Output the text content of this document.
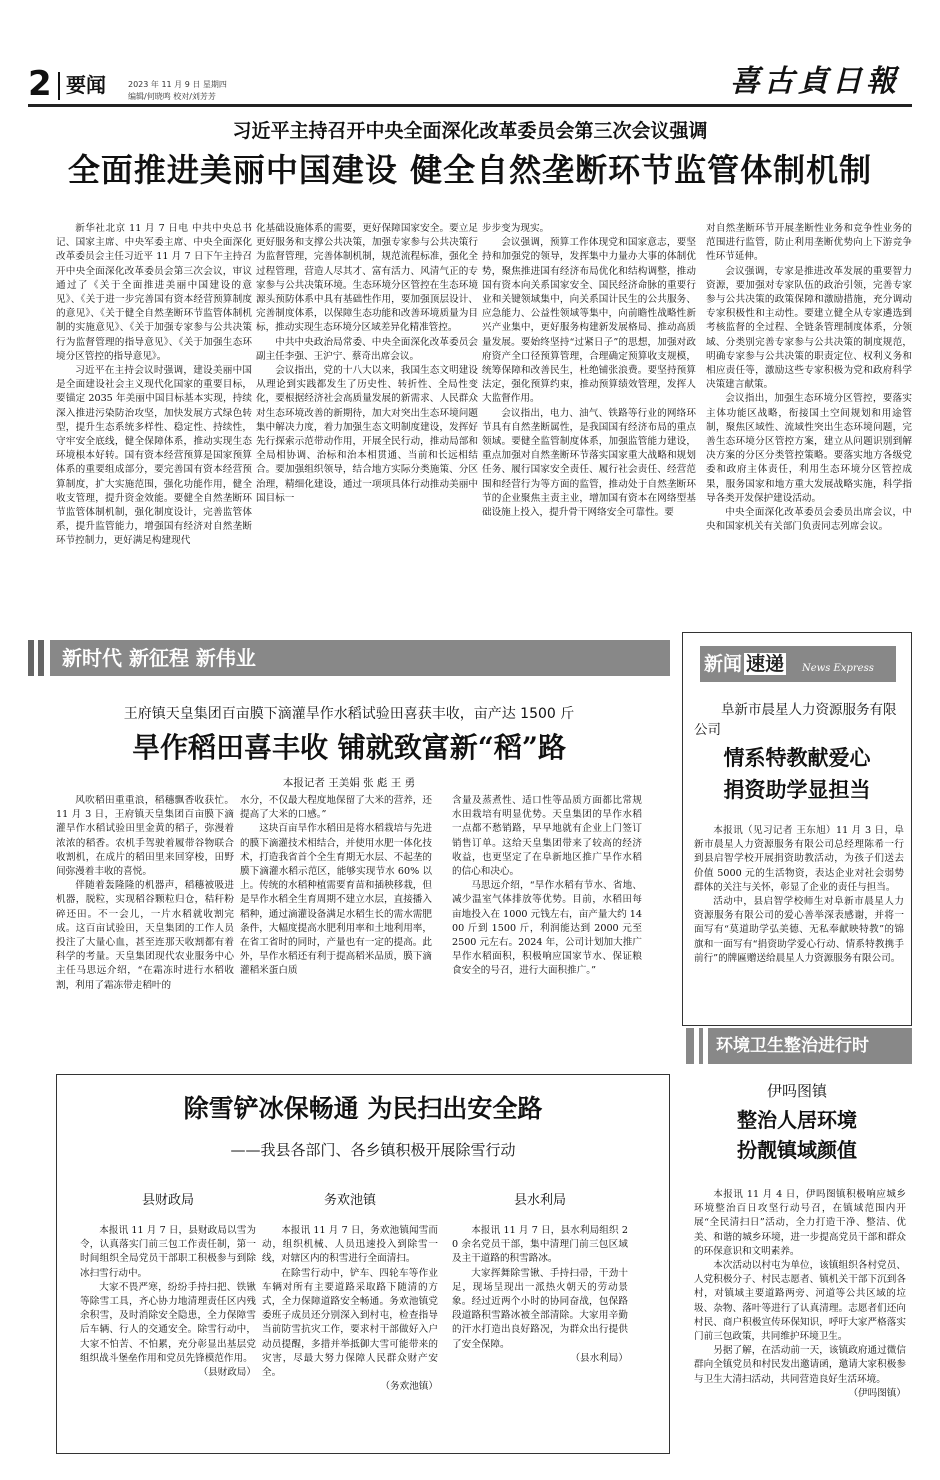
2 要闻	2023 年 11 月 9 日 星期四
编辑/何晓鸣 校对/刘芳芳	喜古貞日報
习近平主持召开中央全面深化改革委员会第三次会议强调
全面推进美丽中国建设 健全自然垄断环节监管体制机制

新华社北京 11 月 7 日电 中共中央总书记、国家主席、中央军委主席、中央全面深化改革委员会主任习近平 11 月 7 日下午主持召开中央全面深化改革委员会第三次会议，审议通过了《关于全面推进美丽中国建设的意见》、《关于进一步完善国有资本经营预算制度的意见》、《关于健全自然垄断环节监管体制机制的实施意见》、《关于加强专家参与公共决策行为监督管理的指导意见》、《关于加强生态环境分区管控的指导意见》。

习近平在主持会议时强调，建设美丽中国是全面建设社会主义现代化国家的重要目标，要锚定 2035 年美丽中国目标基本实现，持续深入推进污染防治攻坚，加快发展方式绿色转型，提升生态系统多样性、稳定性、持续性，守牢安全底线，健全保障体系，推动实现生态环境根本好转。国有资本经营预算是国家预算体系的重要组成部分，要完善国有资本经营预算制度，扩大实施范围，强化功能作用，健全收支管理，提升资金效能。要健全自然垄断环节监管体制机制，强化制度设计，完善监管体系，提升监管能力，增强国有经济对自然垄断环节控制力，更好满足构建现代

化基础设施体系的需要，更好保障国家安全。要立足更好服务和支撑公共决策，加强专家参与公共决策行为监督管理，完善体制机制，规范流程标准，强化全过程管理，营造人尽其才、富有活力、风清气正的专家参与公共决策环境。生态环境分区管控在生态环境源头预防体系中具有基础性作用，要加强顶层设计、完善制度体系，以保障生态功能和改善环境质量为目标，推动实现生态环境分区域差异化精准管控。

中共中央政治局常委、中央全面深化改革委员会副主任李强、王沪宁、蔡奇出席会议。

会议指出，党的十八大以来，我国生态文明建设从理论到实践都发生了历史性、转折性、全局性变化，要根据经济社会高质量发展的新需求、人民群众对生态环境改善的新期待，加大对突出生态环境问题集中解决力度，着力加强生态文明制度建设，发挥好先行探索示范带动作用，开展全民行动，推动局部和全局相协调、治标和治本相贯通、当前和长远相结合。要加强组织领导，结合地方实际分类施策、分区治理，精细化建设，通过一项项具体行动推动美丽中国目标一

步步变为现实。

会议强调，预算工作体现党和国家意志，要坚持和加强党的领导，发挥集中力量办大事的体制优势，聚焦推进国有经济布局优化和结构调整，推动国有资本向关系国家安全、国民经济命脉的重要行业和关键领域集中，向关系国计民生的公共服务、应急能力、公益性领域等集中，向前瞻性战略性新兴产业集中，更好服务构建新发展格局、推动高质量发展。要始终坚持“过紧日子”的思想，加强对政府资产全口径预算管理，合理确定预算收支规模，统筹保障和改善民生，杜绝铺张浪费。要坚持预算法定，强化预算约束，推动预算绩效管理，发挥人大监督作用。

会议指出，电力、油气、铁路等行业的网络环节具有自然垄断属性，是我国国有经济布局的重点领域。要健全监管制度体系，加强监管能力建设，重点加强对自然垄断环节落实国家重大战略和规划任务、履行国家安全责任、履行社会责任、经营范围和经营行为等方面的监管，推动处于自然垄断环节的企业聚焦主责主业，增加国有资本在网络型基础设施上投入，提升骨干网络安全可靠性。要

对自然垄断环节开展垄断性业务和竞争性业务的范围进行监管，防止利用垄断优势向上下游竞争性环节延伸。

会议强调，专家是推进改革发展的重要智力资源，要加强对专家队伍的政治引领，完善专家参与公共决策的政策保障和激励措施，充分调动专家积极性和主动性。要建立健全从专家遴选到考核监督的全过程、全链条管理制度体系，分领域、分类别完善专家参与公共决策的制度规范，明确专家参与公共决策的职责定位、权利义务和相应责任等，激励这些专家积极为党和政府科学决策建言献策。

会议指出，加强生态环境分区管控，要落实主体功能区战略，衔接国土空间规划和用途管制，聚焦区域性、流域性突出生态环境问题，完善生态环境分区管控方案，建立从问题识别到解决方案的分区分类管控策略。要落实地方各级党委和政府主体责任，利用生态环境分区管控成果，服务国家和地方重大发展战略实施，科学指导各类开发保护建设活动。

中央全面深化改革委员会委员出席会议，中央和国家机关有关部门负责同志列席会议。

新时代 新征程 新伟业
王府镇天皇集团百亩膜下滴灌旱作水稻试验田喜获丰收，亩产达 1500 斤
旱作稻田喜丰收 铺就致富新“稻”路
本报记者 王美娟 张 彪 王 勇

风吹稻田重重浪，稻穗飘香收获忙。11 月 3 日，王府镇天皇集团百亩膜下滴灌旱作水稻试验田里金黄的稻子，弥漫着浓浓的稻香。农机手驾驶着履带谷物联合收割机，在成片的稻田里来回穿梭，田野间弥漫着丰收的喜悦。

伴随着轰隆隆的机器声，稻穗被吸进机器，脱粒，实现稻谷颗粒归仓，秸秆粉碎还田。不一会儿，一片水稻就收割完成。这百亩试验田，天皇集团的工作人员投注了大量心血，甚至连那天收割都有着科学的考量。天皇集团现代农业服务中心主任马思远介绍，“在霜冻时进行水稻收割，利用了霜冻带走稻叶的

水分，不仅最大程度地保留了大米的营养，还提高了大米的口感。”

这块百亩旱作水稻田是将水稻栽培与先进的膜下滴灌技术相结合，并使用水肥一体化技术，打造我省首个全生育期无水层、不起垄的膜下滴灌水稻示范区，能够实现节水 60% 以上。传统的水稻种植需要育苗和插秧移栽，但是旱作水稻全生育周期不建立水层，直接播入稻种，通过滴灌设备满足水稻生长的需水需肥条件，大幅度提高水肥利用率和土地利用率，在省工省时的同时，产量也有一定的提高。此外，旱作水稻还有利于提高稻米品质，膜下滴灌稻米蛋白质

含量及蒸煮性、适口性等品质方面都比常规水田栽培有明显优势。天皇集团的旱作水稻一点都不愁销路，早早地就有企业上门签订销售订单。这给天皇集团带来了较高的经济收益，也更坚定了在阜新地区推广旱作水稻的信心和决心。

马思远介绍，“旱作水稻有节水、省地、减少温室气体排放等优势。目前，水稻田每亩地投入在 1000 元钱左右，亩产量大约 1400 斤到 1500 斤，利润能达到 2000 元至 2500 元左右。2024 年，公司计划加大推广旱作水稻面积，积极响应国家节水、保证粮食安全的号召，进行大面积推广。”

除雪铲冰保畅通 为民扫出安全路
——我县各部门、各乡镇积极开展除雪行动
县财政局

本报讯 11 月 7 日，县财政局以雪为令，认真落实门前三包工作责任制，第一时间组织全局党员干部职工积极参与到除冰扫雪行动中。

大家不畏严寒，纷纷手持扫把、铁锹等除雪工具，齐心协力地清理责任区内残余积雪，及时消除安全隐患，全力保障雪后车辆、行人的交通安全。除雪行动中，大家不怕苦、不怕累，充分彰显出基层党组织战斗堡垒作用和党员先锋模范作用。

（县财政局）
务欢池镇

本报讯 11 月 7 日，务欢池镇闻雪而动，组织机械、人员迅速投入到除雪一线，对辖区内的积雪进行全面清扫。

在除雪行动中，铲车、四轮车等作业车辆对所有主要道路采取路下随清的方式，全力保障道路安全畅通。务欢池镇党委班子成员还分别深入到村屯，检查指导当前防雪抗灾工作，要求村干部做好入户动员提醒，多措并举抵御大雪可能带来的灾害，尽最大努力保障人民群众财产安全。

（务欢池镇）
县水利局

本报讯 11 月 7 日，县水利局组织 20 余名党员干部，集中清理门前三包区域及主干道路的积雪路冰。

大家挥舞除雪锹、手持扫帚，干劲十足，现场呈现出一派热火朝天的劳动景象。经过近两个小时的协同奋战，包保路段道路积雪路冰被全部清除。大家用辛勤的汗水打造出良好路况，为群众出行提供了安全保障。

（县水利局）
新闻 速递 News Express
阜新市晨星人力资源服务有限公司
情系特教献爱心
捐资助学显担当

本报讯（见习记者 王东旭）11 月 3 日，阜新市晨星人力资源服务有限公司总经理陈希一行到县启智学校开展捐资助教活动，为孩子们送去价值 5000 元的生活物资，表达企业对社会弱势群体的关注与关怀，彰显了企业的责任与担当。

活动中，县启智学校师生对阜新市晨星人力资源服务有限公司的爱心善举深表感谢，并将一面写有“莫道助学弘美德、无私奉献映特教”的锦旗和一面写有“捐资助学爱心行动、情系特教携手前行”的牌匾赠送给晨星人力资源服务有限公司。

环境卫生整治进行时
伊吗图镇
整治人居环境
扮靓镇域颜值

本报讯 11 月 4 日，伊吗图镇积极响应城乡环境整治百日攻坚行动号召，在镇域范围内开展“全民清扫日”活动，全力打造干净、整洁、优美、和谐的城乡环境，进一步提高党员干部和群众的环保意识和文明素养。

本次活动以村屯为单位，该镇组织各村党员、人党积极分子、村民志愿者、镇机关干部下沉到各村，对镇域主要道路两旁、河道等公共区域的垃圾、杂物、落叶等进行了认真清理。志愿者们还向村民、商户积极宣传环保知识，呼吁大家严格落实门前三包政策，共同维护环境卫生。

另据了解，在活动前一天，该镇政府通过微信群向全镇党员和村民发出邀请函，邀请大家积极参与卫生大清扫活动，共同营造良好生活环境。

（伊吗图镇）
